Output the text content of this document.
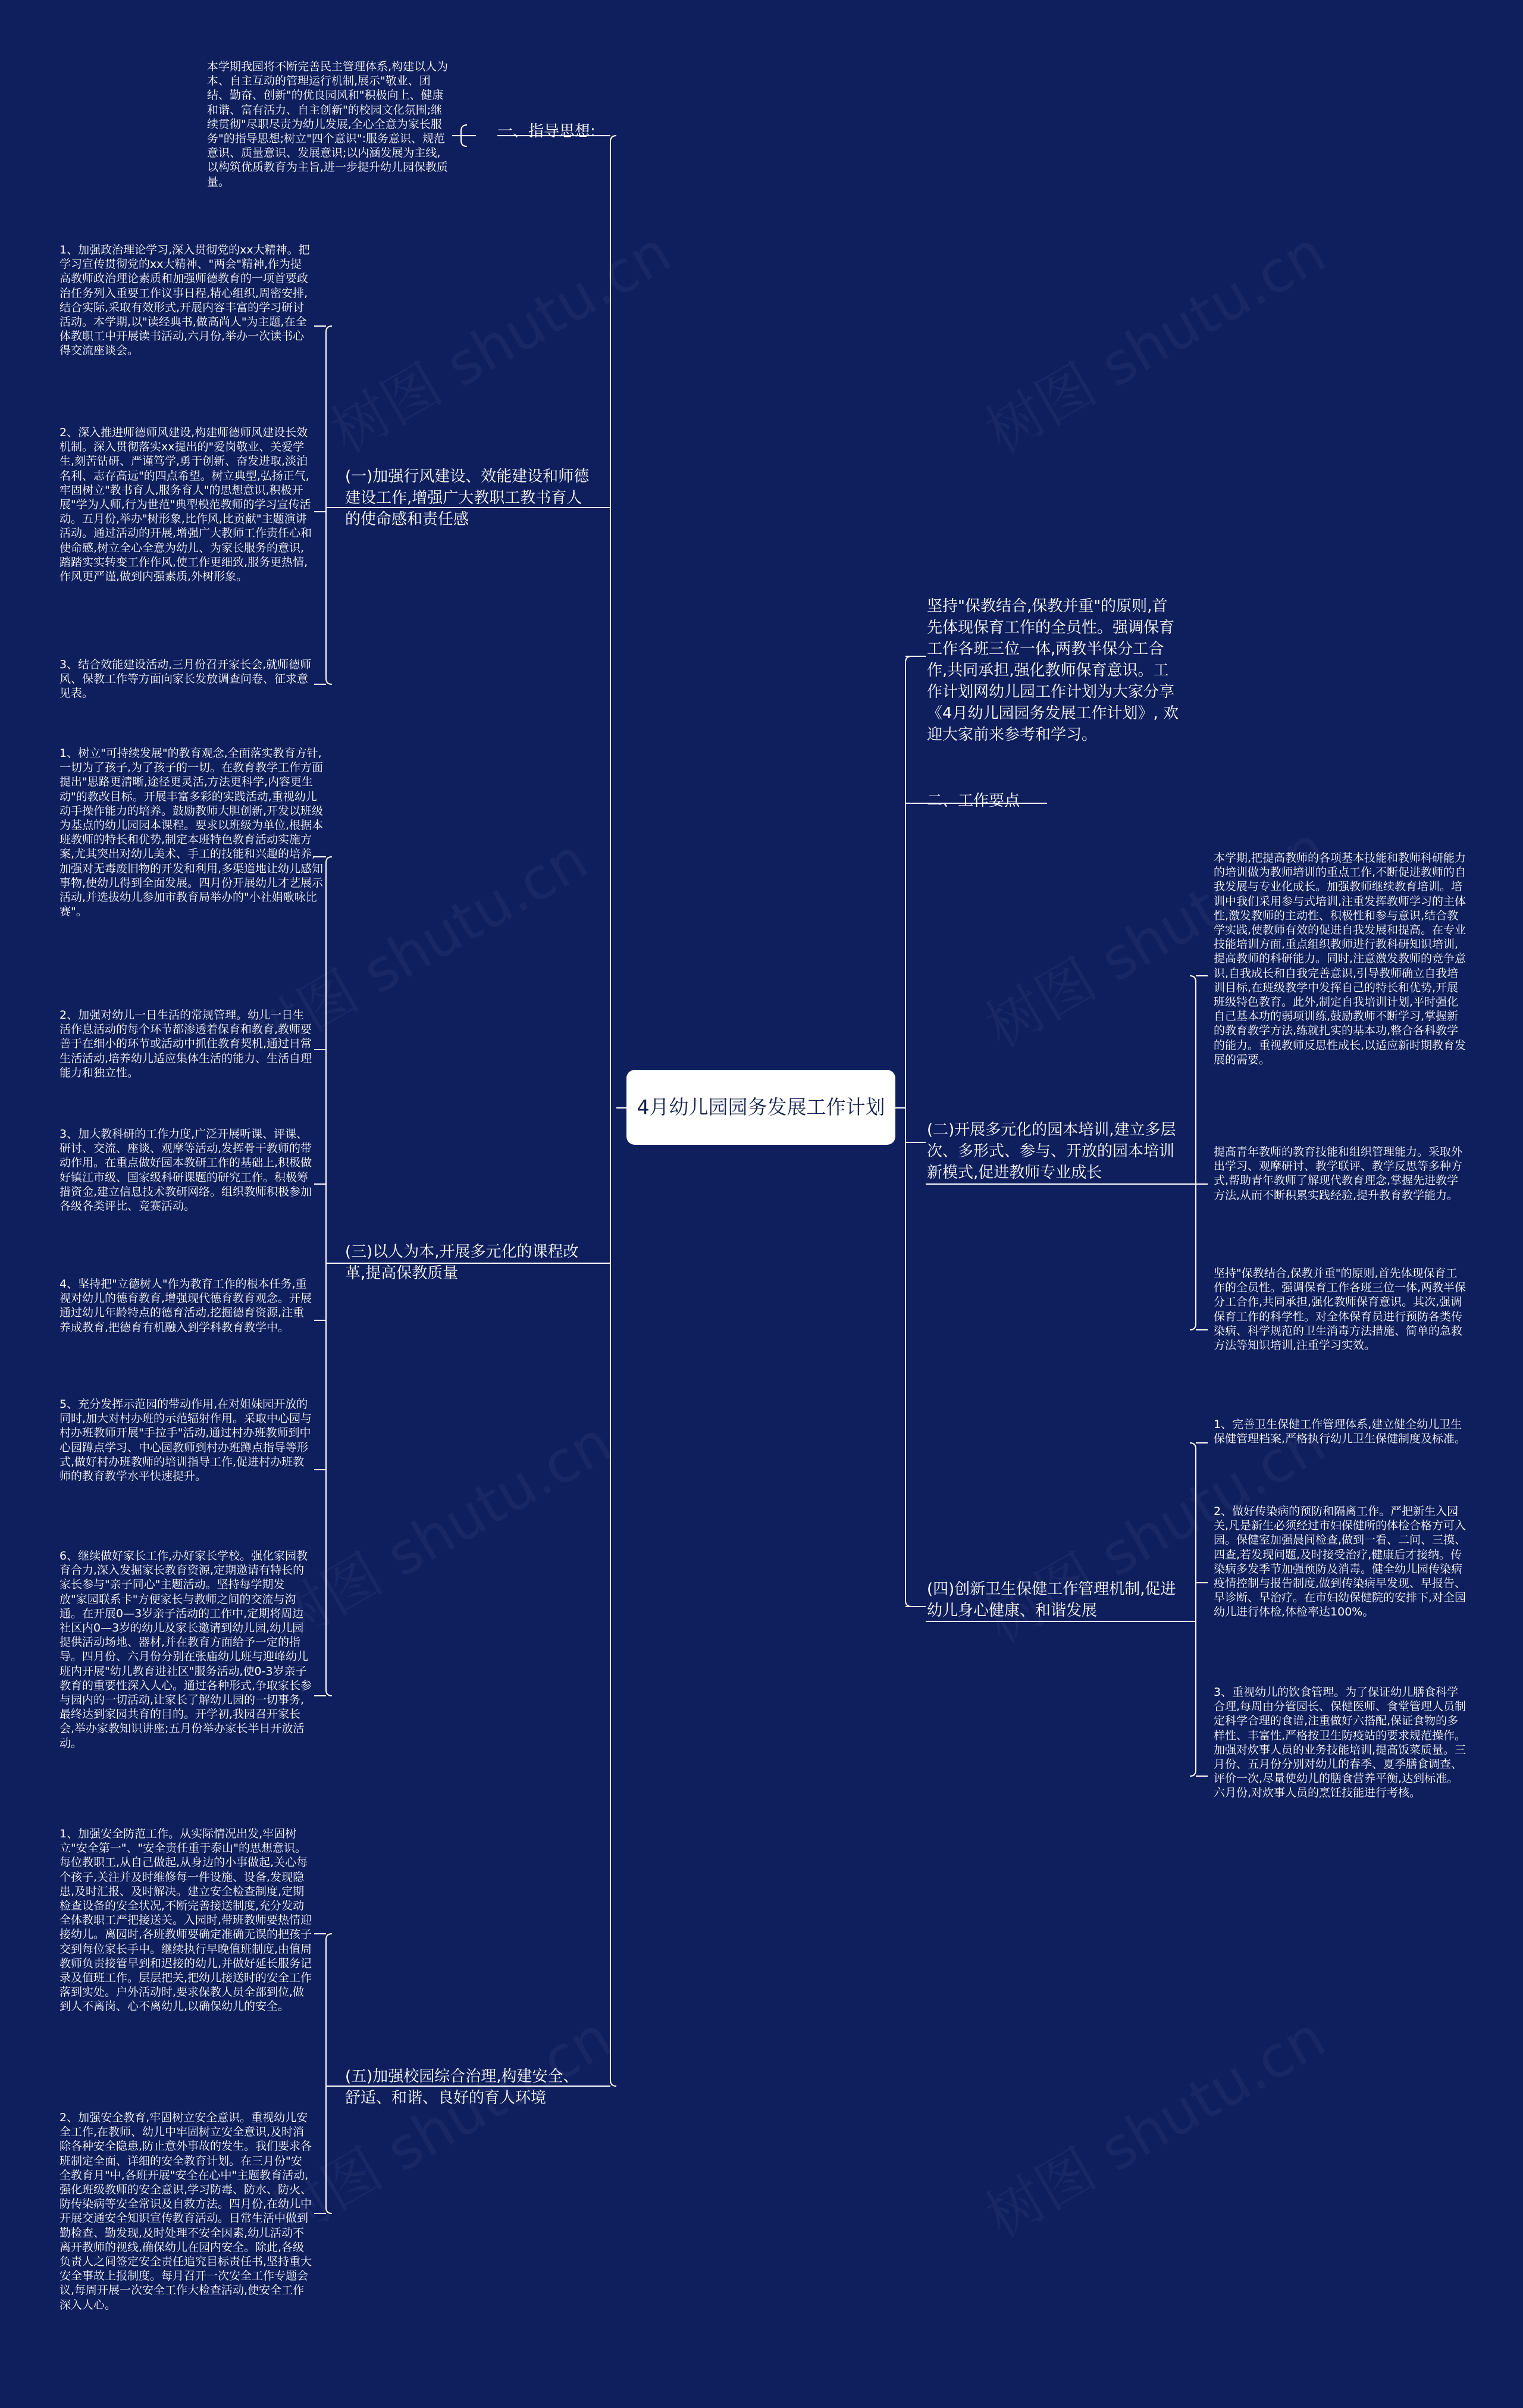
4月幼儿园园务发展工作计划

本学期我园将不断完善民主管理体系,构建以人为本、自主互动的管理运行机制,展示"敬业、团结、勤奋、创新"的优良园风和"积极向上、健康和谐、富有活力、自主创新"的校园文化氛围;继续贯彻"尽职尽责为幼儿发展,全心全意为家长服务"的指导思想;树立"四个意识":服务意识、规范意识、质量意识、发展意识;以内涵发展为主线,以构筑优质教育为主旨,进一步提升幼儿园保教质量。

一、指导思想:

1、加强政治理论学习,深入贯彻党的xx大精神。把学习宣传贯彻党的xx大精神、"两会"精神,作为提高教师政治理论素质和加强师德教育的一项首要政治任务列入重要工作议事日程,精心组织,周密安排,结合实际,采取有效形式,开展内容丰富的学习研讨活动。本学期,以"读经典书,做高尚人"为主题,在全体教职工中开展读书活动,六月份,举办一次读书心得交流座谈会。

2、深入推进师德师风建设,构建师德师风建设长效机制。深入贯彻落实xx提出的"爱岗敬业、关爱学生,刻苦钻研、严谨笃学,勇于创新、奋发进取,淡泊名利、志存高远"的四点希望。树立典型,弘扬正气,牢固树立"教书育人,服务育人"的思想意识,积极开展"学为人师,行为世范"典型模范教师的学习宣传活动。五月份,举办"树形象,比作风,比贡献"主题演讲活动。通过活动的开展,增强广大教师工作责任心和使命感,树立全心全意为幼儿、为家长服务的意识,踏踏实实转变工作作风,使工作更细致,服务更热情,作风更严谨,做到内强素质,外树形象。

3、结合效能建设活动,三月份召开家长会,就师德师风、保教工作等方面向家长发放调查问卷、征求意见表。

(一)加强行风建设、效能建设和师德建设工作,增强广大教职工教书育人的使命感和责任感

1、树立"可持续发展"的教育观念,全面落实教育方针,一切为了孩子,为了孩子的一切。在教育教学工作方面提出"思路更清晰,途径更灵活,方法更科学,内容更生动"的教改目标。开展丰富多彩的实践活动,重视幼儿动手操作能力的培养。鼓励教师大胆创新,开发以班级为基点的幼儿园园本课程。要求以班级为单位,根据本班教师的特长和优势,制定本班特色教育活动实施方案,尤其突出对幼儿美术、手工的技能和兴趣的培养,加强对无毒废旧物的开发和利用,多渠道地让幼儿感知事物,使幼儿得到全面发展。四月份开展幼儿才艺展示活动,并选拔幼儿参加市教育局举办的"小社娟歌咏比赛"。

2、加强对幼儿一日生活的常规管理。幼儿一日生活作息活动的每个环节都渗透着保育和教育,教师要善于在细小的环节或活动中抓住教育契机,通过日常生活活动,培养幼儿适应集体生活的能力、生活自理能力和独立性。

3、加大教科研的工作力度,广泛开展听课、评课、研讨、交流、座谈、观摩等活动,发挥骨干教师的带动作用。在重点做好园本教研工作的基础上,积极做好镇江市级、国家级科研课题的研究工作。积极筹措资金,建立信息技术教研网络。组织教师积极参加各级各类评比、竞赛活动。

4、坚持把"立德树人"作为教育工作的根本任务,重视对幼儿的德育教育,增强现代德育教育观念。开展通过幼儿年龄特点的德育活动,挖掘德育资源,注重养成教育,把德育有机融入到学科教育教学中。

5、充分发挥示范园的带动作用,在对姐妹园开放的同时,加大对村办班的示范辐射作用。采取中心园与村办班教师开展"手拉手"活动,通过村办班教师到中心园蹲点学习、中心园教师到村办班蹲点指导等形式,做好村办班教师的培训指导工作,促进村办班教师的教育教学水平快速提升。

6、继续做好家长工作,办好家长学校。强化家园教育合力,深入发掘家长教育资源,定期邀请有特长的家长参与"亲子同心"主题活动。坚持每学期发放"家园联系卡"方便家长与教师之间的交流与沟通。在开展0—3岁亲子活动的工作中,定期将周边社区内0—3岁的幼儿及家长邀请到幼儿园,幼儿园提供活动场地、器材,并在教育方面给予一定的指导。四月份、六月份分别在张庙幼儿班与迎峰幼儿班内开展"幼儿教育进社区"服务活动,使0-3岁亲子教育的重要性深入人心。通过各种形式,争取家长参与园内的一切活动,让家长了解幼儿园的一切事务,最终达到家园共育的目的。开学初,我园召开家长会,举办家教知识讲座;五月份举办家长半日开放活动。

(三)以人为本,开展多元化的课程改革,提高保教质量

1、加强安全防范工作。从实际情况出发,牢固树立"安全第一"、"安全责任重于泰山"的思想意识。每位教职工,从自己做起,从身边的小事做起,关心每个孩子,关注并及时维修每一件设施、设备,发现隐患,及时汇报、及时解决。建立安全检查制度,定期检查设备的安全状况,不断完善接送制度,充分发动全体教职工严把接送关。入园时,带班教师要热情迎接幼儿。离园时,各班教师要确定准确无误的把孩子交到每位家长手中。继续执行早晚值班制度,由值周教师负责接管早到和迟接的幼儿,并做好延长服务记录及值班工作。层层把关,把幼儿接送时的安全工作落到实处。户外活动时,要求保教人员全部到位,做到人不离岗、心不离幼儿,以确保幼儿的安全。

2、加强安全教育,牢固树立安全意识。重视幼儿安全工作,在教师、幼儿中牢固树立安全意识,及时消除各种安全隐患,防止意外事故的发生。我们要求各班制定全面、详细的安全教育计划。在三月份"安全教育月"中,各班开展"安全在心中"主题教育活动,强化班级教师的安全意识,学习防毒、防水、防火、防传染病等安全常识及自救方法。四月份,在幼儿中开展交通安全知识宣传教育活动。日常生活中做到勤检查、勤发现,及时处理不安全因素,幼儿活动不离开教师的视线,确保幼儿在园内安全。除此,各级负责人之间签定安全责任追究目标责任书,坚持重大安全事故上报制度。每月召开一次安全工作专题会议,每周开展一次安全工作大检查活动,使安全工作深入人心。

(五)加强校园综合治理,构建安全、舒适、和谐、良好的育人环境

坚持"保教结合,保教并重"的原则,首先体现保育工作的全员性。强调保育工作各班三位一体,两教半保分工合作,共同承担,强化教师保育意识。工作计划网幼儿园工作计划为大家分享《4月幼儿园园务发展工作计划》, 欢迎大家前来参考和学习。

二、工作要点

(二)开展多元化的园本培训,建立多层次、多形式、参与、开放的园本培训新模式,促进教师专业成长

本学期,把提高教师的各项基本技能和教师科研能力的培训做为教师培训的重点工作,不断促进教师的自我发展与专业化成长。加强教师继续教育培训。培训中我们采用参与式培训,注重发挥教师学习的主体性,激发教师的主动性、积极性和参与意识,结合教学实践,使教师有效的促进自我发展和提高。在专业技能培训方面,重点组织教师进行教科研知识培训,提高教师的科研能力。同时,注意激发教师的竞争意识,自我成长和自我完善意识,引导教师确立自我培训目标,在班级教学中发挥自己的特长和优势,开展班级特色教育。此外,制定自我培训计划,平时强化自己基本功的弱项训练,鼓励教师不断学习,掌握新的教育教学方法,练就扎实的基本功,整合各科教学的能力。重视教师反思性成长,以适应新时期教育发展的需要。

提高青年教师的教育技能和组织管理能力。采取外出学习、观摩研讨、教学联评、教学反思等多种方式,帮助青年教师了解现代教育理念,掌握先进教学方法,从而不断积累实践经验,提升教育教学能力。

坚持"保教结合,保教并重"的原则,首先体现保育工作的全员性。强调保育工作各班三位一体,两教半保分工合作,共同承担,强化教师保育意识。其次,强调保育工作的科学性。对全体保育员进行预防各类传染病、科学规范的卫生消毒方法措施、简单的急救方法等知识培训,注重学习实效。

(四)创新卫生保健工作管理机制,促进幼儿身心健康、和谐发展

1、完善卫生保健工作管理体系,建立健全幼儿卫生保健管理档案,严格执行幼儿卫生保健制度及标准。

2、做好传染病的预防和隔离工作。严把新生入园关,凡是新生必须经过市妇保健所的体检合格方可入园。保健室加强晨间检查,做到一看、二问、三摸、四查,若发现问题,及时接受治疗,健康后才接纳。传染病多发季节加强预防及消毒。健全幼儿园传染病疫情控制与报告制度,做到传染病早发现、早报告、早诊断、早治疗。在市妇幼保健院的安排下,对全园幼儿进行体检,体检率达100%。

3、重视幼儿的饮食管理。为了保证幼儿膳食科学合理,每周由分管园长、保健医师、食堂管理人员制定科学合理的食谱,注重做好六搭配,保证食物的多样性、丰富性,严格按卫生防疫站的要求规范操作。加强对炊事人员的业务技能培训,提高饭菜质量。三月份、五月份分别对幼儿的春季、夏季膳食调查、评价一次,尽量使幼儿的膳食营养平衡,达到标准。六月份,对炊事人员的烹饪技能进行考核。
